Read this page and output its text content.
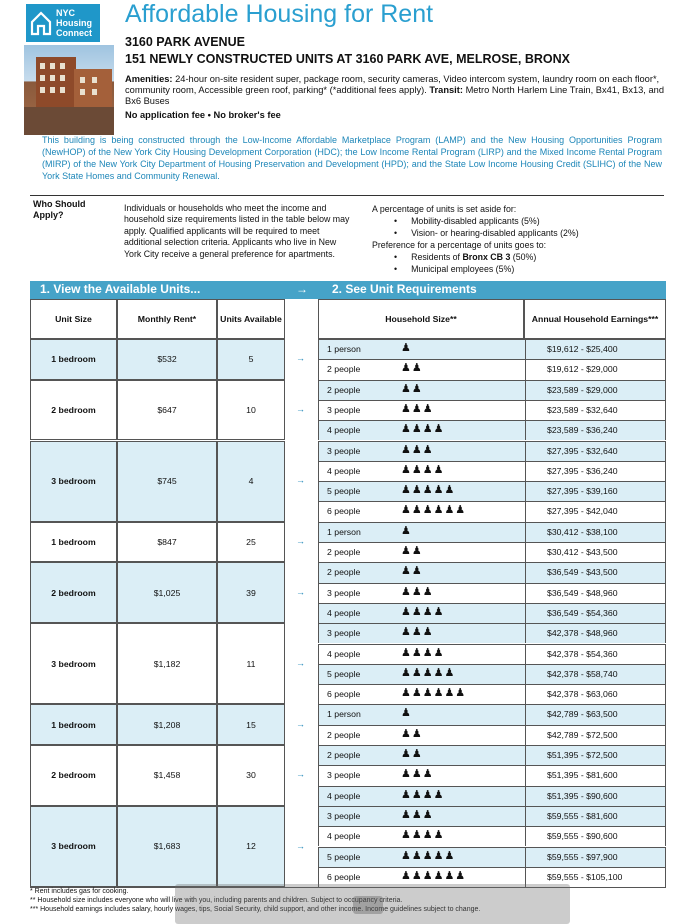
NYC
Housing
Connect
Affordable Housing for Rent
3160 PARK AVENUE
151 NEWLY CONSTRUCTED UNITS AT 3160 PARK AVE, MELROSE, BRONX
Amenities: 24-hour on-site resident super, package room, security cameras, Video intercom system, laundry room on each floor*, community room, Accessible green roof, parking* (*additional fees apply). Transit: Metro North Harlem Line Train, Bx41, Bx13, and Bx6 Buses
No application fee • No broker's fee
This building is being constructed through the Low-Income Affordable Marketplace Program (LAMP) and the New Housing Opportunities Program (NewHOP) of the New York City Housing Development Corporation (HDC); the Low Income Rental Program (LIRP) and the Mixed Income Rental Program (MIRP) of the New York City Department of Housing Preservation and Development (HPD); and the State Low Income Housing Credit (SLIHC) of the New York State Homes and Community Renewal.
Who Should Apply?
Individuals or households who meet the income and household size requirements listed in the table below may apply. Qualified applicants will be required to meet additional selection criteria. Applicants who live in New York City receive a general preference for apartments.
A percentage of units is set aside for:
• Mobility-disabled applicants (5%)
• Vision- or hearing-disabled applicants (2%)
Preference for a percentage of units goes to:
• Residents of Bronx CB 3 (50%)
• Municipal employees (5%)
1. View the Available Units...	→ 2. See Unit Requirements
Unit Size	Monthly Rent*	Units Available	Household Size**	Annual Household Earnings***
1 bedroom	$532	5	→
1 person	♟	$19,612 - $25,400
2 people	♟♟	$19,612 - $29,000
2 bedroom	$647	10	→
2 people	♟♟	$23,589 - $29,000
3 people	♟♟♟	$23,589 - $32,640
4 people	♟♟♟♟	$23,589 - $36,240
3 bedroom	$745	4	→
3 people	♟♟♟	$27,395 - $32,640
4 people	♟♟♟♟	$27,395 - $36,240
5 people	♟♟♟♟♟	$27,395 - $39,160
6 people	♟♟♟♟♟♟	$27,395 - $42,040
1 bedroom	$847	25	→
1 person	♟	$30,412 - $38,100
2 people	♟♟	$30,412 - $43,500
2 bedroom	$1,025	39	→
2 people	♟♟	$36,549 - $43,500
3 people	♟♟♟	$36,549 - $48,960
4 people	♟♟♟♟	$36,549 - $54,360
3 bedroom	$1,182	11	→
3 people	♟♟♟	$42,378 - $48,960
4 people	♟♟♟♟	$42,378 - $54,360
5 people	♟♟♟♟♟	$42,378 - $58,740
6 people	♟♟♟♟♟♟	$42,378 - $63,060
1 bedroom	$1,208	15	→
1 person	♟	$42,789 - $63,500
2 people	♟♟	$42,789 - $72,500
2 bedroom	$1,458	30	→
2 people	♟♟	$51,395 - $72,500
3 people	♟♟♟	$51,395 - $81,600
4 people	♟♟♟♟	$51,395 - $90,600
3 bedroom	$1,683	12	→
3 people	♟♟♟	$59,555 - $81,600
4 people	♟♟♟♟	$59,555 - $90,600
5 people	♟♟♟♟♟	$59,555 - $97,900
6 people	♟♟♟♟♟♟	$59,555 - $105,100
* Rent includes gas for cooking.
** Household size includes everyone who will live with you, including parents and children. Subject to occupancy criteria.
*** Household earnings includes salary, hourly wages, tips, Social Security, child support, and other income. Income guidelines subject to change.
